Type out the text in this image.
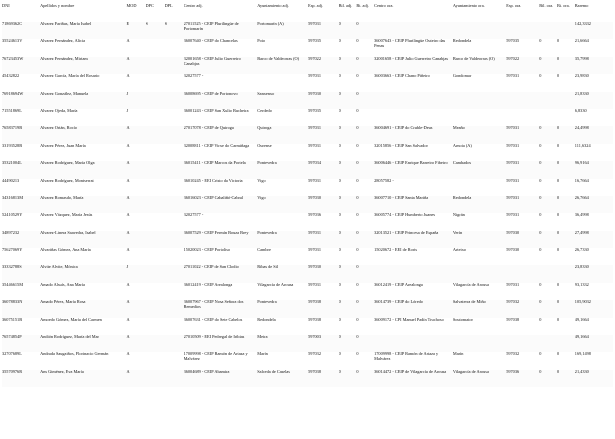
DNI	Apellidos y nombre	MOD	DPC	DPL	Centro adj.	Ayuntamiento adj.	Esp. adj.	Bil. adj.	Bi. adj.	Centro ora.	Ayuntamiento ora.	Esp. ora.	Bil. ora.	Bi. ora.	Baremo
71869362C	Álvarez Fariñas, María Isabel	E	S	S	27011525 - CEIP Plurilingüe de Portomarín	Portomarín (A)	597031	0	0						142,3332
35524613V	Álvarez Fernández, Alicia	A			36007640 - CEIP do Chancelas	Poio	597035	0	0	36007643 - CEIP Plurilingüe Outeiro das Penas	Redondela	597035	0	0	21,6664
76723453W	Álvarez Fernández, Miriam	A			32001658 - CEIP Julio Guerreiro Canabjas	Barco de Valdeorras (O)	597022	0	0	32001658 - CEIP Julio Guerreiro Canabjas	Barco de Valdeorras (O)	597022	0	0	35,7998
45432822	Álvarez García, María del Rosario	A			32027577 -		597031	0	0	36003663 - CEIP Chano Piñeiro	Gondomar	597031	0	0	23,9830
76918694W	Álvarez González, Manuela	J			36008695 - CEIP de Portonovo	Sanxenxo	597030	0	0						21,8330
71551869L	Álvarez Ojeda, María	J			36001243 - CEIP San Xulio Bucheira	Cerdedo	597035	0	0						6,8330
76583719B	Álvarez Orián, Rocío	A			27017078 - CEIP de Quiroga	Quiroga	597031	0	0	36004691 - CEIP do Cruble-Deus	Meaño	597031	0	0	24,4998
33193528B	Álvarez Pérez, Juan María	A			32008811 - CEIP Virxe do Carmiñaga	Ourense	597031	0	0	32015856 - CEIP San Salvador	Arnoia (A)	597031	0	0	111,6324
35321004L	Álvarez Rodríguez, María Olga	A			36015411 - CEIP Marcos da Portela	Pontevedra	597034	0	0	36006446 - CEIP Enrique Barreiro Fibeiro	Cambados	597031	0	0	96,9164
44490213	Álvarez Rodríguez, Montserrat	A			36010245 - EEI Cristo da Victoria	Vigo	597031	0	0	28057582 -		597031	0	0	16,7664
34316813M	Álvarez Romasdo, María	A			36016023 - CEIP Cabaliñó-Cabral	Vigo	597030	0	0	36007710 - CEIP Santa Mariña	Redondela	597031	0	0	26,7664
52410529Y	Álvarez Vázquez, María Jesús	A			32027577 -		597036	0	0	36005774 - CEIP Humberto Juanes	Nigrán	597031	0	0	36,4998
34897232	Álvarez-Linera Saavedra, Isabel	A			36007529 - CEIP Fermín Bouza Brey	Pontevedra	597031	0	0	32013521 - CEIP Princesa de España	Verín	597030	0	0	27,4998
75627069Y	Alvariñas Gómez, Ana María	A			15020023 - CEIP Portoliso	Cambre	597031	0	0	15020672 - EEI de Roris	Arteixo	597030	0	0	26,7330
33332788S	Alvite Alvite, Mónica	J			27011022 - CEIP de San Clodio	Ribas de Sil	597030	0	0						23,8330
35446615M	Amado Alsuís, Ana María	A			36012419 - CEIP Arealonga	Vilagarcía de Arousa	597031	0	0	36012419 - CEIP Arealonga	Vilagarcía de Arousa	597031	0	0	93,1332
36078833N	Amado Pérez, María Rosa	A			36007967 - CEIP Nosa Señora dos Remedios	Pontevedra	597038	0	0	36014739 - CEIP do Lóredo	Salvaterra de Miño	597032	0	0	105,9032
36075151B	Amoedo Gómez, María del Carmen	A			36007631 - CEIP do Sete Cabelos	Redondela	597038	0	0	36009172 - CPI Manuel Padín Truchoso	Soutomaior	597038	0	0	49,1664
76574854P	Andión Rodríguez, María del Mar	A			27010509 - EEI Pedregal de Iribias	Meira	597003	0	0						49,1664
32707689L	Andrada Saugaiños, Florinacio Germán	A			17009998 - CEIP Ramón de Artaza y Malvárez	Marín	597032	0	0	17009998 - CEIP Ramón de Artaza y Malvárez	Marín	597032	0	0	169,1498
35570976R	Ans Giménez, Eva María	A			36004689 - CEIP Abamira	Salceda de Caselas	597038	0	0	36014472 - CEIP de Vilagarcía de Arousa	Vilagarcía de Arousa	597036	0	0	21,4330
